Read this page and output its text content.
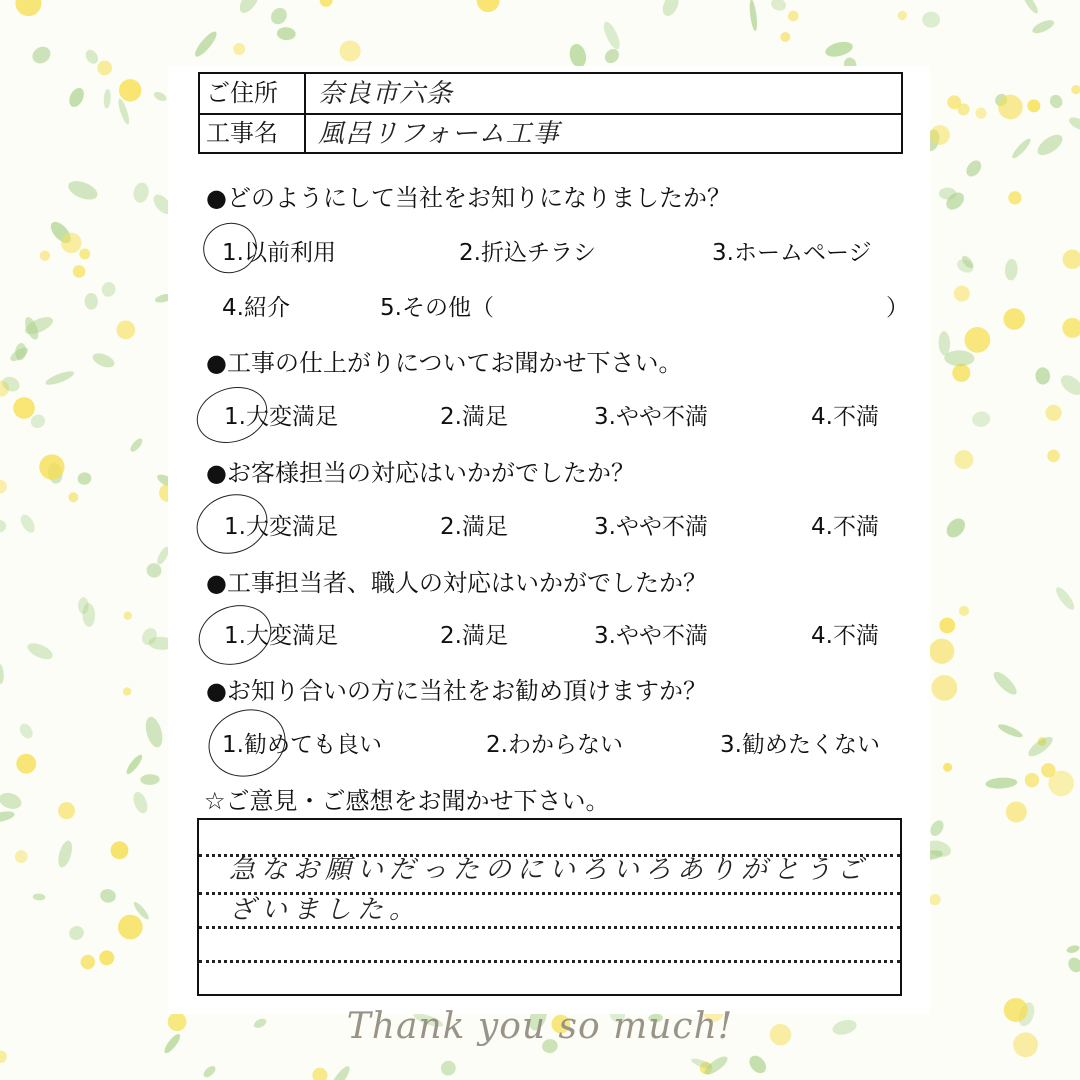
ご住所	奈良市六条
工事名	風呂リフォーム工事
●どのようにして当社をお知りになりましたか？
1.以前利用	2.折込チラシ	3.ホームページ
4.紹介	5.その他（	）
●工事の仕上がりについてお聞かせ下さい。
1.大変満足	2.満足	3.やや不満	4.不満
●お客様担当の対応はいかがでしたか？
1.大変満足	2.満足	3.やや不満	4.不満
●工事担当者、職人の対応はいかがでしたか？
1.大変満足	2.満足	3.やや不満	4.不満
●お知り合いの方に当社をお勧め頂けますか？
1.勧めても良い	2.わからない	3.勧めたくない
☆ご意見・ご感想をお聞かせ下さい。
急なお願いだったのにいろいろありがとうございました。
Thank you so much!
